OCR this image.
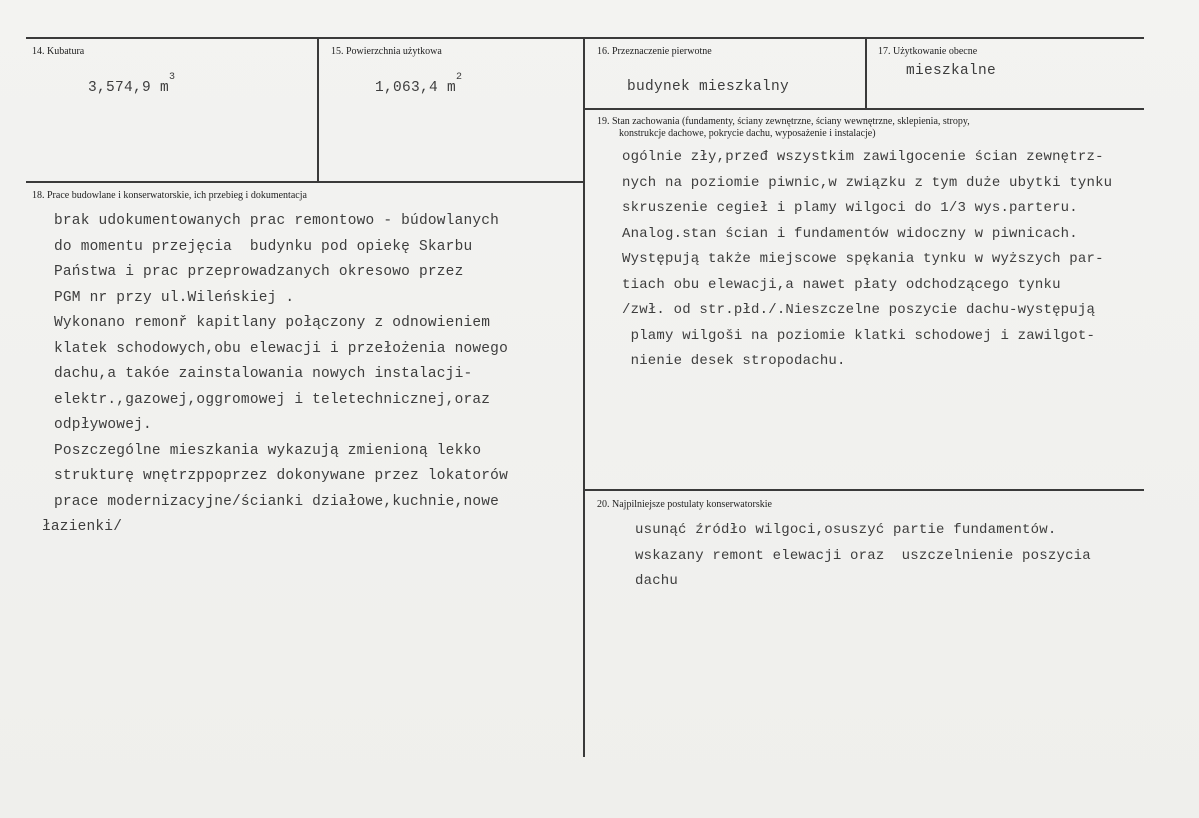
14. Kubatura
3,574,9 $m^3$
15. Powierzchnia użytkowa
1,063,4 $m^2$
16. Przeznaczenie pierwotne
budynek mieszkalny
17. Użytkowanie obecne
mieszkalne
18. Prace budowlane i konserwatorskie, ich przebieg i dokumentacja
brak udokumentowanych prac remontowo - búdowlanych
do momentu przejęcia  budynku pod opiekę Skarbu
Państwa i prac przeprowadzanych okresowo przez
PGM nr przy ul.Wileńskiej .
Wykonano remonř kapitlany połączony z odnowieniem
klatek schodowych,obu elewacji i przełożenia nowego
dachu,a takóe zainstalowania nowych instalacji-
elektr.,gazowej,oggromowej i teletechnicznej,oraz
odpływowej.
Poszczególne mieszkania wykazują zmienioną lekko
strukturę wnętrzppoprzez dokonywane przez lokatorów
prace modernizacyjne/ścianki działowe,kuchnie,nowe
łazienki/
19. Stan zachowania (fundamenty, ściany zewnętrzne, ściany wewnętrzne, sklepienia, stropy,
konstrukcje dachowe, pokrycie dachu, wyposażenie i instalacje)
ogólnie zły,przeđ wszystkim zawilgocenie ścian zewnętrz-
nych na poziomie piwnic,w związku z tym duże ubytki tynku
skruszenie cegieł i plamy wilgoci do 1/3 wys.parteru.
Analog.stan ścian i fundamentów widoczny w piwnicach.
Występują także miejscowe spękania tynku w wyższych par-
tiach obu elewacji,a nawet płaty odchodzącego tynku
/zwł. od str.płd./.Nieszczelne poszycie dachu-występują
plamy wilgoši na poziomie klatki schodowej i zawilgot-
nienie desek stropodachu.
20. Najpilniejsze postulaty konserwatorskie
usunąć źródło wilgoci,osuszyć partie fundamentów.
wskazany remont elewacji oraz  uszczelnienie poszycia
dachu
